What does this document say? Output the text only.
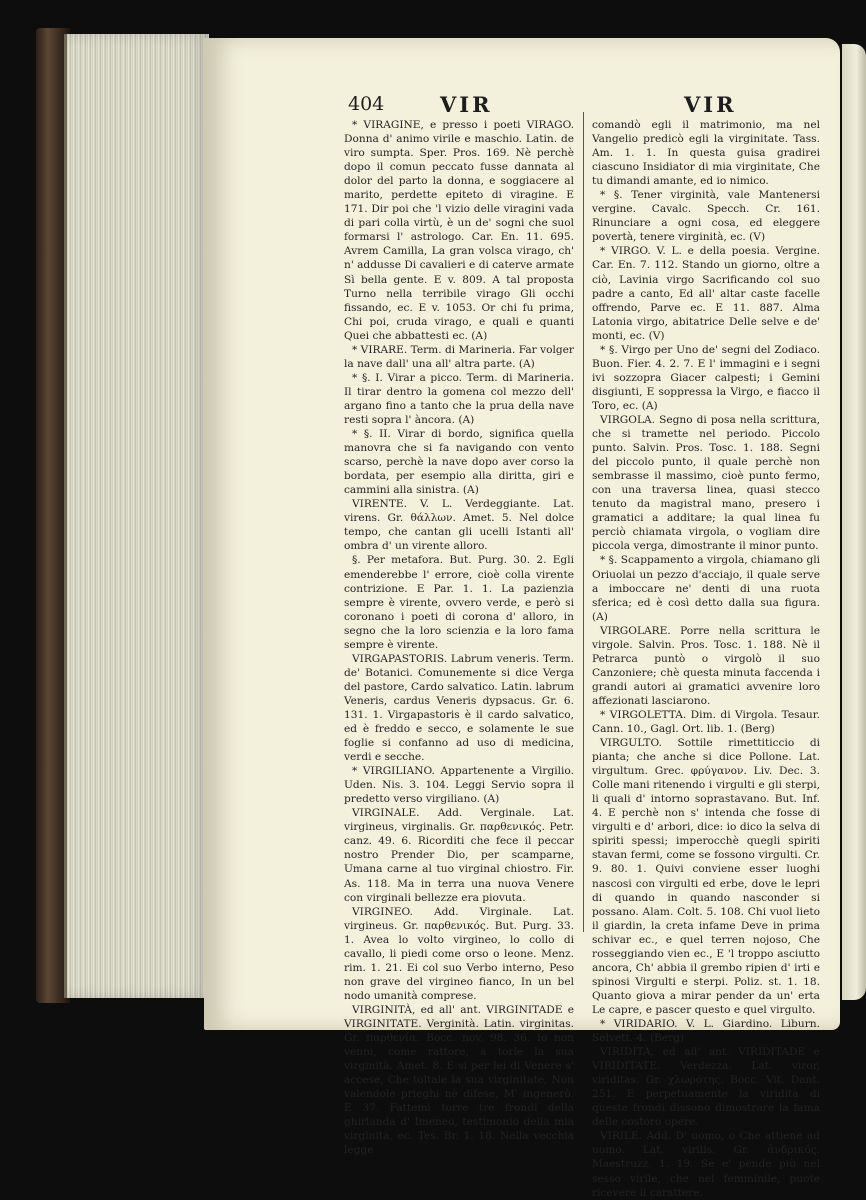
404	VIR	VIR

* VIRAGINE, e presso i poeti VIRAGO. Donna d' animo virile e maschio. Latin. de viro sumpta. Sper. Pros. 169. Nè perchè dopo il comun peccato fusse dannata al dolor del parto la donna, e soggiacere al marito, perdette epiteto di viragine. E 171. Dir poi che 'l vizio delle viragini vada di pari colla virtù, è un de' sogni che suol formarsi l' astrologo. Car. En. 11. 695. Avrem Camilla, La gran volsca virago, ch' n' addusse Di cavalieri e di caterve armate Sì bella gente. E v. 809. A tal proposta Turno nella terribile virago Gli occhi fissando, ec. E v. 1053. Or chi fu prima, Chi poi, cruda virago, e quali e quanti Quei che abbattesti ec. (A)

* VIRARE. Term. di Marineria. Far volger la nave dall' una all' altra parte. (A)

* §. I. Virar a picco. Term. di Marineria. Il tirar dentro la gomena col mezzo dell' argano fino a tanto che la prua della nave resti sopra l' àncora. (A)

* §. II. Virar di bordo, significa quella manovra che si fa navigando con vento scarso, perchè la nave dopo aver corso la bordata, per esempio alla diritta, giri e cammini alla sinistra. (A)

VIRENTE. V. L. Verdeggiante. Lat. virens. Gr. θάλλων. Amet. 5. Nel dolce tempo, che cantan gli ucelli Istanti all' ombra d' un virente alloro.

§. Per metafora. But. Purg. 30. 2. Egli emenderebbe l' errore, cioè colla virente contrizione. E Par. 1. 1. La pazienzia sempre è virente, ovvero verde, e però si coronano i poeti di corona d' alloro, in segno che la loro scienzia e la loro fama sempre è virente.

VIRGAPASTORIS. Labrum veneris. Term. de' Botanici. Comunemente si dice Verga del pastore, Cardo salvatico. Latin. labrum Veneris, cardus Veneris dypsacus. Gr. 6. 131. 1. Virgapastoris è il cardo salvatico, ed è freddo e secco, e solamente le sue foglie si confanno ad uso di medicina, verdi e secche.

* VIRGILIANO. Appartenente a Virgilio. Uden. Nis. 3. 104. Leggi Servio sopra il predetto verso virgiliano. (A)

VIRGINALE. Add. Verginale. Lat. virgineus, virginalis. Gr. παρθενικός. Petr. canz. 49. 6. Ricorditi che fece il peccar nostro Prender Dio, per scamparne, Umana carne al tuo virginal chiostro. Fir. As. 118. Ma in terra una nuova Venere con virginali bellezze era piovuta.

VIRGINEO. Add. Virginale. Lat. virgineus. Gr. παρθενικός. But. Purg. 33. 1. Avea lo volto virgineo, lo collo di cavallo, li piedi come orso o leone. Menz. rim. 1. 21. Ei col suo Verbo interno, Peso non grave del virgineo fianco, In un bel nodo umanità comprese.

VIRGINITÀ, ed all' ant. VIRGINITADE e VIRGINITATE. Verginità. Latin. virginitas. Gr. παρθενία. Bocc. nov. 98. 36. Io non venni, come rattore, a torle la sua virginità. Amet. 8. E si per lei di Venere s' accese, Che toltale la sua virginitate, Non valendole prieghi nè difese, M' ingenerò. E 37. Fattemi torre tre frondi della ghirlanda d' Imeneo, testimonio della mia virginità, ec. Tes. Br. 1. 18. Nella vecchia legge

comandò egli il matrimonio, ma nel Vangelio predicò egli la virginitate. Tass. Am. 1. 1. In questa guisa gradirei ciascuno Insidiator di mia virginitate, Che tu dimandi amante, ed io nimico.

* §. Tener virginità, vale Mantenersi vergine. Cavalc. Specch. Cr. 161. Rinunciare a ogni cosa, ed eleggere povertà, tenere virginità, ec. (V)

* VIRGO. V. L. e della poesia. Vergine. Car. En. 7. 112. Stando un giorno, oltre a ciò, Lavinia virgo Sacrificando col suo padre a canto, Ed all' altar caste facelle offrendo, Parve ec. E 11. 887. Alma Latonia virgo, abitatrice Delle selve e de' monti, ec. (V)

* §. Virgo per Uno de' segni del Zodiaco. Buon. Fier. 4. 2. 7. E l' immagini e i segni ivi sozzopra Giacer calpesti; i Gemini disgiunti, E soppressa la Virgo, e fiacco il Toro, ec. (A)

VIRGOLA. Segno di posa nella scrittura, che si tramette nel periodo. Piccolo punto. Salvin. Pros. Tosc. 1. 188. Segni del piccolo punto, il quale perchè non sembrasse il massimo, cioè punto fermo, con una traversa linea, quasi stecco tenuto da magistral mano, presero i gramatici a additare; la qual linea fu perciò chiamata virgola, o vogliam dire piccola verga, dimostrante il minor punto.

* §. Scappamento a virgola, chiamano gli Oriuolai un pezzo d'acciajo, il quale serve a imboccare ne' denti di una ruota sferica; ed è così detto dalla sua figura. (A)

VIRGOLARE. Porre nella scrittura le virgole. Salvin. Pros. Tosc. 1. 188. Nè il Petrarca puntò o virgolò il suo Canzoniere; chè questa minuta faccenda i grandi autori ai gramatici avvenire loro affezionati lasciarono.

* VIRGOLETTA. Dim. di Virgola. Tesaur. Cann. 10., Gagl. Ort. lib. 1. (Berg)

VIRGULTO. Sottile rimettiticcio di pianta; che anche si dice Pollone. Lat. virgultum. Grec. φρύγανον. Liv. Dec. 3. Colle mani ritenendo i virgulti e gli sterpi, li quali d' intorno soprastavano. But. Inf. 4. E perchè non s' intenda che fosse di virgulti e d' arbori, dice: io dico la selva di spiriti spessi; imperocchè quegli spiriti stavan fermi, come se fossono virgulti. Cr. 9. 80. 1. Quivi conviene esser luoghi nascosi con virgulti ed erbe, dove le lepri di quando in quando nasconder si possano. Alam. Colt. 5. 108. Chi vuol lieto il giardin, la creta infame Deve in prima schivar ec., e quel terren nojoso, Che rosseggiando vien ec., E 'l troppo asciutto ancora, Ch' abbia il grembo ripien d' irti e spinosi Virgulti e sterpi. Poliz. st. 1. 18. Quanto giova a mirar pender da un' erta Le capre, e pascer questo e quel virgulto.

* VIRIDARIO. V. L. Giardino. Liburn. Selvett. 4. (Berg)

VIRIDITÀ, ed all' ant. VIRIDITADE e VIRIDITATE. Verdezza. Lat. viror, viriditas. Gr. χλωρότης. Bocc. Vit. Dant. 251. E perpetuamente la viridità di queste frondi dissono dimostrare la fama delle costoro opere.

VIRILE. Add. D' uomo, o Che attiene ad uomo. Lat. virilis. Gr. ἀνδρικός. Maestruzz. 1. 19. Se e' pende più nel sesso virile, che nel femminile, puote ricevere il carattere.
